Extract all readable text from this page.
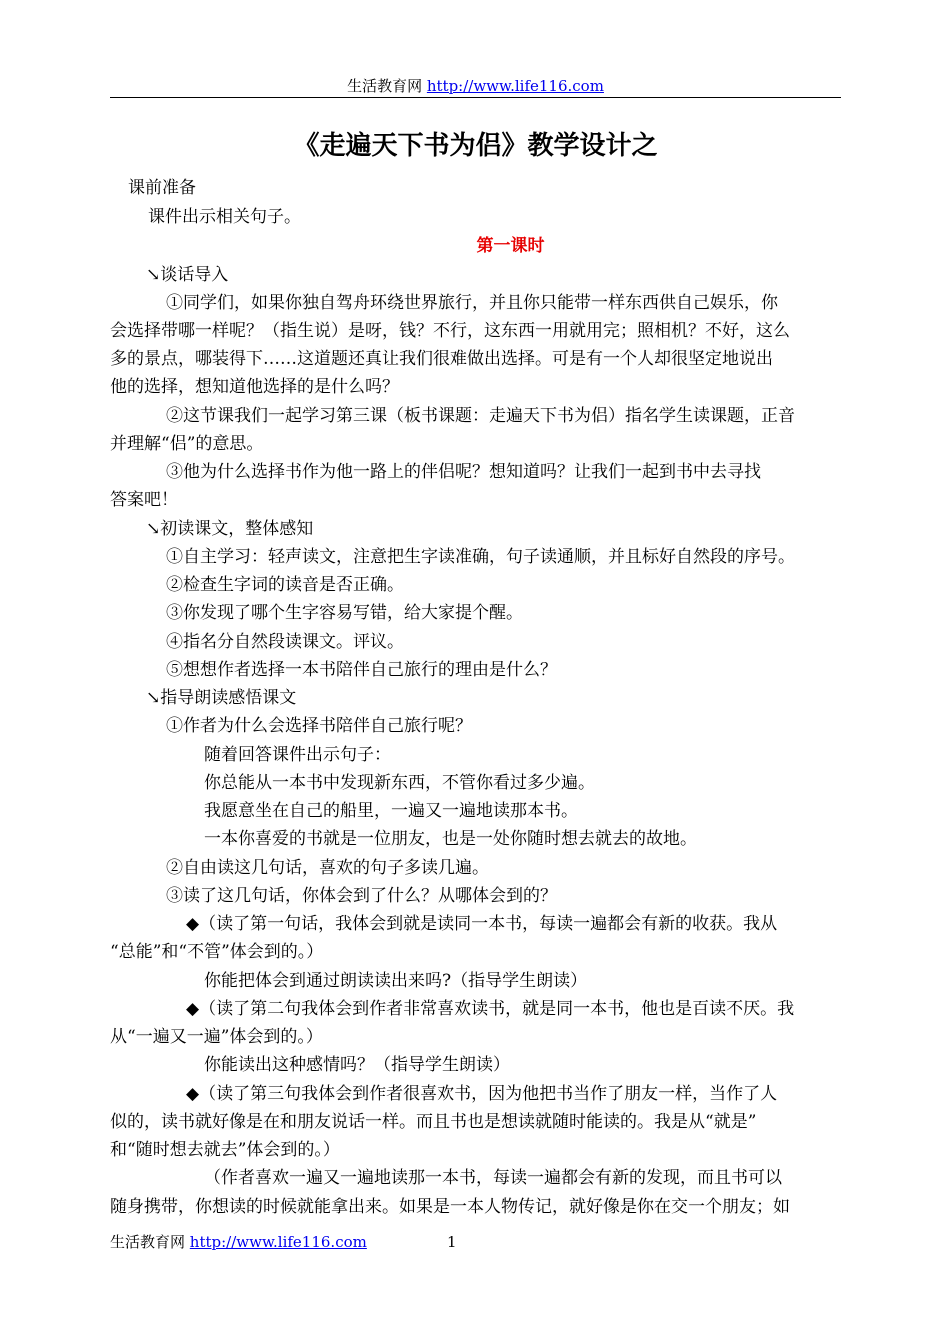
生活教育网 http://www.life116.com
《走遍天下书为侣》教学设计之
第一课时
课前准备
课件出示相关句子。
↘谈话导入
①同学们，如果你独自驾舟环绕世界旅行，并且你只能带一样东西供自己娱乐，你
会选择带哪一样呢？（指生说）是呀，钱？不行，这东西一用就用完；照相机？不好，这么
多的景点，哪装得下……这道题还真让我们很难做出选择。可是有一个人却很坚定地说出
他的选择，想知道他选择的是什么吗？
②这节课我们一起学习第三课（板书课题：走遍天下书为侣）指名学生读课题，正音
并理解“侣”的意思。
③他为什么选择书作为他一路上的伴侣呢？想知道吗？让我们一起到书中去寻找
答案吧！
↘初读课文，整体感知
①自主学习：轻声读文，注意把生字读准确，句子读通顺，并且标好自然段的序号。
②检查生字词的读音是否正确。
③你发现了哪个生字容易写错，给大家提个醒。
④指名分自然段读课文。评议。
⑤想想作者选择一本书陪伴自己旅行的理由是什么？
↘指导朗读感悟课文
①作者为什么会选择书陪伴自己旅行呢？
随着回答课件出示句子：
你总能从一本书中发现新东西，不管你看过多少遍。
我愿意坐在自己的船里，一遍又一遍地读那本书。
一本你喜爱的书就是一位朋友，也是一处你随时想去就去的故地。
②自由读这几句话，喜欢的句子多读几遍。
③读了这几句话，你体会到了什么？从哪体会到的？
◆（读了第一句话，我体会到就是读同一本书，每读一遍都会有新的收获。我从
“总能”和“不管”体会到的。）
你能把体会到通过朗读读出来吗?（指导学生朗读）
◆（读了第二句我体会到作者非常喜欢读书，就是同一本书，他也是百读不厌。我
从“一遍又一遍”体会到的。）
你能读出这种感情吗？（指导学生朗读）
◆（读了第三句我体会到作者很喜欢书，因为他把书当作了朋友一样，当作了人
似的，读书就好像是在和朋友说话一样。而且书也是想读就随时能读的。我是从“就是”
和“随时想去就去”体会到的。）
（作者喜欢一遍又一遍地读那一本书，每读一遍都会有新的发现，而且书可以
随身携带，你想读的时候就能拿出来。如果是一本人物传记，就好像是你在交一个朋友；如
生活教育网 http://www.life116.com	1
